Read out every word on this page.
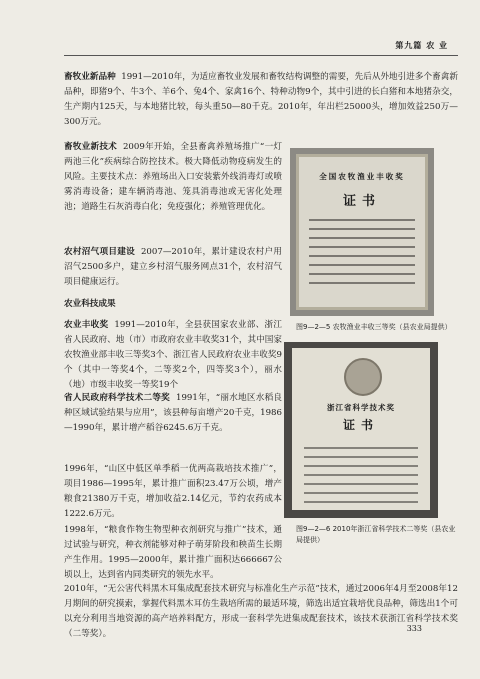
第九篇 农 业
畜牧业新品种 1991—2010年，为适应畜牧业发展和畜牧结构调整的需要，先后从外地引进多个畜禽新品种，即猪9个、牛3个、羊6个、兔4个、家禽16个、特种动物9个，其中引进的长白猪和本地猪杂交，生产期内125天，与本地猪比较，每头重50—80千克。2010年，年出栏25000头，增加效益250万—300万元。
畜牧业新技术 2009年开始，全县畜禽养殖场推广“一灯两池三化”疾病综合防控技术。极大降低动物疫病发生的风险。主要技术点：养殖场出入口安装紫外线消毒灯或喷雾消毒设备；建车辆消毒池、笼具消毒池或无害化处理池；道路生石灰消毒白化；免疫强化；养殖管理优化。
农村沼气项目建设 2007—2010年，累计建设农村户用沼气2500多户，建立乡村沼气服务网点31个，农村沼气项目健康运行。
农业科技成果
农业丰收奖 1991—2010年，全县获国家农业部、浙江省人民政府、地（市）市政府农业丰收奖31个，其中国家农牧渔业部丰收三等奖3个、浙江省人民政府农业丰收奖9个（其中一等奖4个，二等奖2个，四等奖3个），丽水（地）市级丰收奖一等奖19个
省人民政府科学技术二等奖 1991年，“丽水地区水稻良种区域试验结果与应用”，该县种每亩增产20千克，1986—1990年，累计增产稻谷6245.6万千克。
1996年，“山区中低区单季稻一优两高栽培技术推广”，项目1986—1995年，累计推广面积23.47万公顷，增产粮食21380万千克，增加收益2.14亿元，节约农药成本1222.6万元。
1998年，“粮食作物生物型种衣剂研究与推广”技术，通过试验与研究，种衣剂能够对种子萌芽阶段和秧苗生长期产生作用。1995—2000年，累计推广面积达666667公顷以上，达到省内同类研究的领先水平。
2010年，“无公害代料黑木耳集成配套技术研究与标准化生产示范”技术，通过2006年4月至2008年12月期间的研究摸索，掌握代料黑木耳仿生栽培所需的最适环境，筛选出适宜栽培优良品种，筛选出1个可以充分利用当地资源的高产培养料配方，形成一套科学先进集成配套技术，该技术获浙江省科学技术奖（二等奖）。
全国农牧渔业丰收奖
证书
图9—2—5 农牧渔业丰收三等奖（县农业局提供）
浙江省科学技术奖
证书
图9—2—6 2010年浙江省科学技术二等奖（县农业局提供）
333
